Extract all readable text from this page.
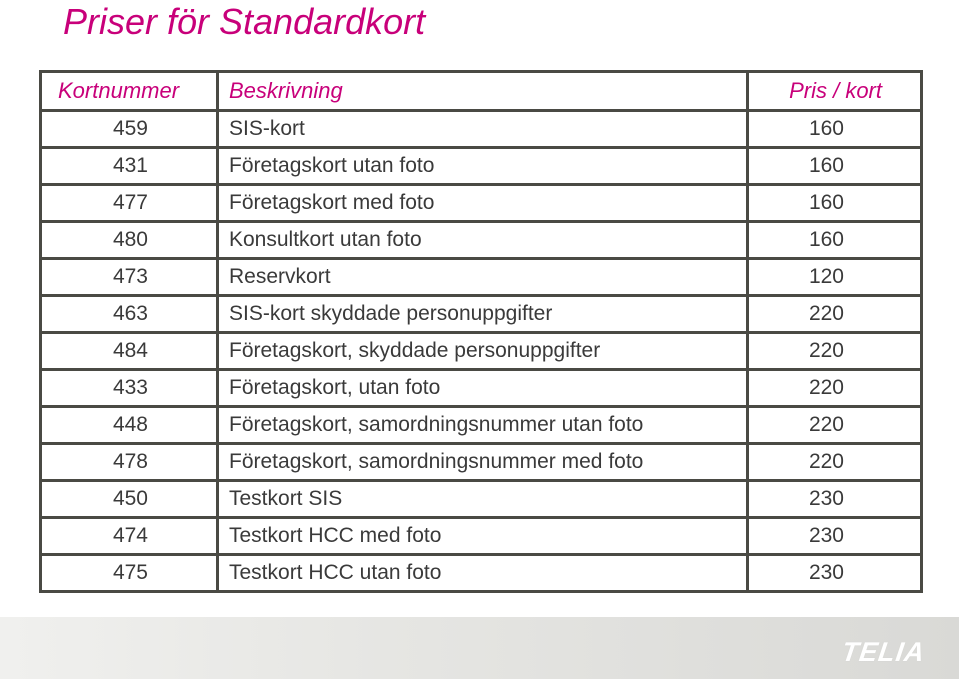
Priser för Standardkort
Kortnummer	Beskrivning	Pris / kort
459	SIS-kort	160
431	Företagskort utan foto	160
477	Företagskort med foto	160
480	Konsultkort utan foto	160
473	Reservkort	120
463	SIS-kort skyddade personuppgifter	220
484	Företagskort, skyddade personuppgifter	220
433	Företagskort, utan foto	220
448	Företagskort, samordningsnummer utan foto	220
478	Företagskort, samordningsnummer med foto	220
450	Testkort SIS	230
474	Testkort HCC med foto	230
475	Testkort HCC utan foto	230
TELIA
